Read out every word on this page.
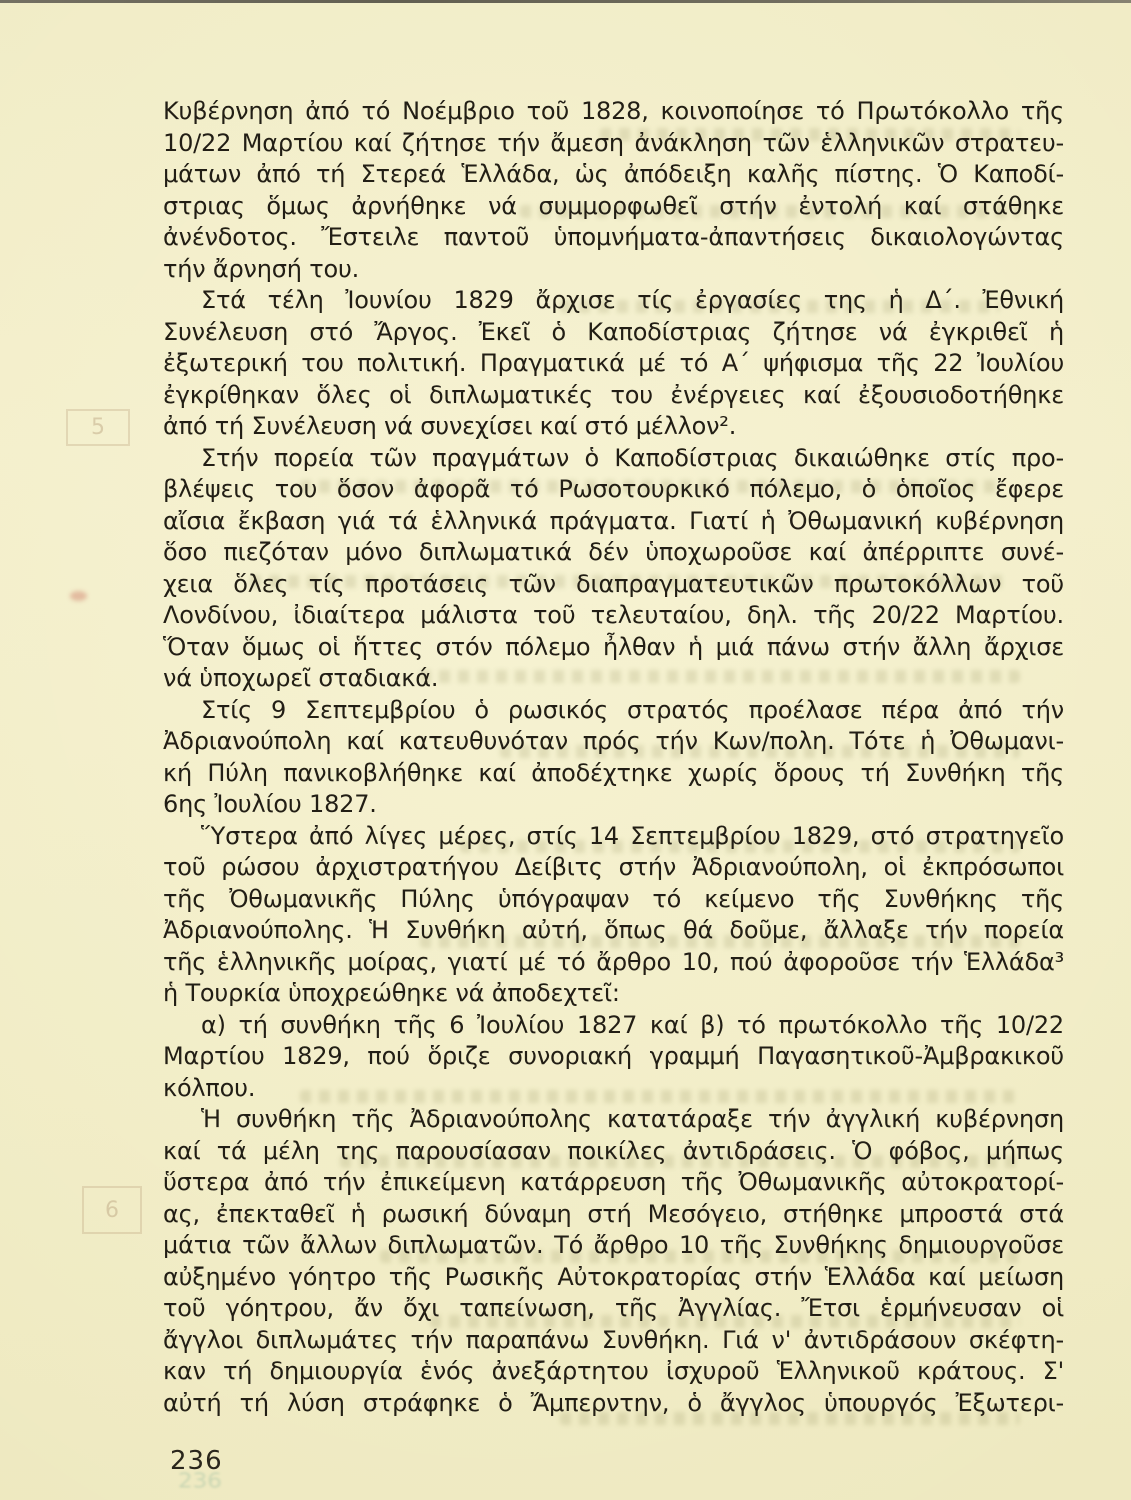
5
6
Κυβέρνηση ἀπό τό Νοέμβριο τοῦ 1828, κοινοποίησε τό Πρωτόκολλο τῆς
10/22 Μαρτίου καί ζήτησε τήν ἄμεση ἀνάκληση τῶν ἑλληνικῶν στρατευ-
μάτων ἀπό τή Στερεά Ἑλλάδα, ὡς ἀπόδειξη καλῆς πίστης. Ὁ Καποδί-
στριας ὅμως ἀρνήθηκε νά συμμορφωθεῖ στήν ἐντολή καί στάθηκε
ἀνένδοτος. Ἔστειλε παντοῦ ὑπομνήματα-ἀπαντήσεις δικαιολογώντας
τήν ἄρνησή του.
Στά τέλη Ἰουνίου 1829 ἄρχισε τίς ἐργασίες της ἡ Δ΄. Ἐθνική
Συνέλευση στό Ἄργος. Ἐκεῖ ὁ Καποδίστριας ζήτησε νά ἐγκριθεῖ ἡ
ἐξωτερική του πολιτική. Πραγματικά μέ τό Α΄ ψήφισμα τῆς 22 Ἰουλίου
ἐγκρίθηκαν ὅλες οἱ διπλωματικές του ἐνέργειες καί ἐξουσιοδοτήθηκε
ἀπό τή Συνέλευση νά συνεχίσει καί στό μέλλον².
Στήν πορεία τῶν πραγμάτων ὁ Καποδίστριας δικαιώθηκε στίς προ-
βλέψεις του ὅσον ἀφορᾶ τό Ρωσοτουρκικό πόλεμο, ὁ ὁποῖος ἔφερε
αἴσια ἔκβαση γιά τά ἑλληνικά πράγματα. Γιατί ἡ Ὀθωμανική κυβέρνηση
ὅσο πιεζόταν μόνο διπλωματικά δέν ὑποχωροῦσε καί ἀπέρριπτε συνέ-
χεια ὅλες τίς προτάσεις τῶν διαπραγματευτικῶν πρωτοκόλλων τοῦ
Λονδίνου, ἰδιαίτερα μάλιστα τοῦ τελευταίου, δηλ. τῆς 20/22 Μαρτίου.
Ὅταν ὅμως οἱ ἥττες στόν πόλεμο ἦλθαν ἡ μιά πάνω στήν ἄλλη ἄρχισε
νά ὑποχωρεῖ σταδιακά.
Στίς 9 Σεπτεμβρίου ὁ ρωσικός στρατός προέλασε πέρα ἀπό τήν
Ἀδριανούπολη καί κατευθυνόταν πρός τήν Κων/πολη. Τότε ἡ Ὀθωμανι-
κή Πύλη πανικοβλήθηκε καί ἀποδέχτηκε χωρίς ὅρους τή Συνθήκη τῆς
6ης Ἰουλίου 1827.
Ὕστερα ἀπό λίγες μέρες, στίς 14 Σεπτεμβρίου 1829, στό στρατηγεῖο
τοῦ ρώσου ἀρχιστρατήγου Δείβιτς στήν Ἀδριανούπολη, οἱ ἐκπρόσωποι
τῆς Ὀθωμανικῆς Πύλης ὑπόγραψαν τό κείμενο τῆς Συνθήκης τῆς
Ἀδριανούπολης. Ἡ Συνθήκη αὐτή, ὅπως θά δοῦμε, ἄλλαξε τήν πορεία
τῆς ἑλληνικῆς μοίρας, γιατί μέ τό ἄρθρο 10, πού ἀφοροῦσε τήν Ἑλλάδα³
ἡ Τουρκία ὑποχρεώθηκε νά ἀποδεχτεῖ:
α) τή συνθήκη τῆς 6 Ἰουλίου 1827 καί β) τό πρωτόκολλο τῆς 10/22
Μαρτίου 1829, πού ὅριζε συνοριακή γραμμή Παγασητικοῦ-Ἀμβρακικοῦ
κόλπου.
Ἡ συνθήκη τῆς Ἀδριανούπολης κατατάραξε τήν ἀγγλική κυβέρνηση
καί τά μέλη της παρουσίασαν ποικίλες ἀντιδράσεις. Ὁ φόβος, μήπως
ὕστερα ἀπό τήν ἐπικείμενη κατάρρευση τῆς Ὀθωμανικῆς αὐτοκρατορί-
ας, ἐπεκταθεῖ ἡ ρωσική δύναμη στή Μεσόγειο, στήθηκε μπροστά στά
μάτια τῶν ἄλλων διπλωματῶν. Τό ἄρθρο 10 τῆς Συνθήκης δημιουργοῦσε
αὐξημένο γόητρο τῆς Ρωσικῆς Αὐτοκρατορίας στήν Ἑλλάδα καί μείωση
τοῦ γόητρου, ἄν ὄχι ταπείνωση, τῆς Ἀγγλίας. Ἔτσι ἑρμήνευσαν οἱ
ἄγγλοι διπλωμάτες τήν παραπάνω Συνθήκη. Γιά ν' ἀντιδράσουν σκέφτη-
καν τή δημιουργία ἑνός ἀνεξάρτητου ἰσχυροῦ Ἑλληνικοῦ κράτους. Σ'
αὐτή τή λύση στράφηκε ὁ Ἄμπερντην, ὁ ἄγγλος ὑπουργός Ἐξωτερι-
236
236
